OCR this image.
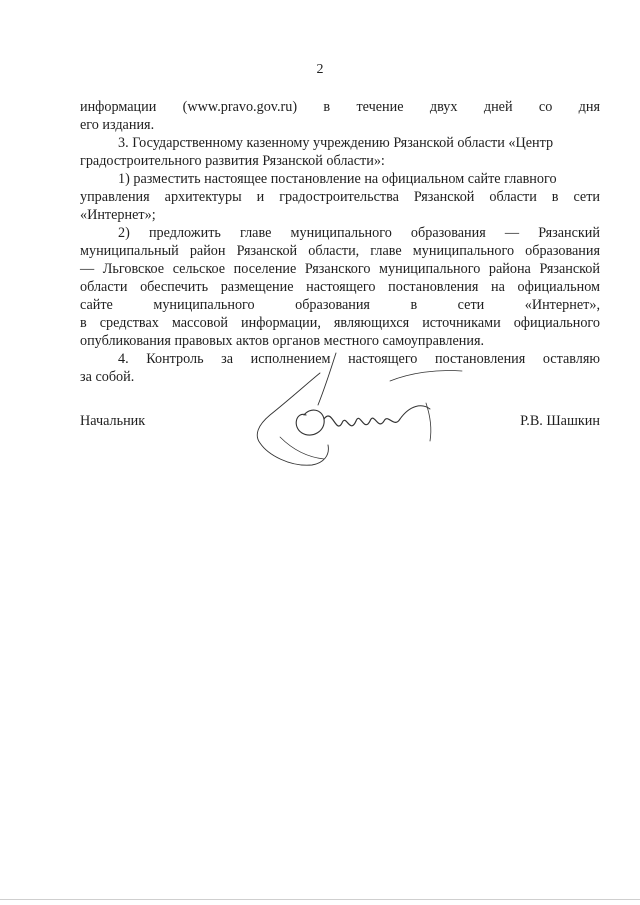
2
информации (www.pravo.gov.ru) в течение двух дней со дня
его издания.
3. Государственному казенному учреждению Рязанской области «Центр
градостроительного развития Рязанской области»:
1) разместить настоящее постановление на официальном сайте главного
управления архитектуры и градостроительства Рязанской области в сети
«Интернет»;
2) предложить главе муниципального образования — Рязанский
муниципальный район Рязанской области, главе муниципального образования
— Льговское сельское поселение Рязанского муниципального района Рязанской
области обеспечить размещение настоящего постановления на официальном
сайте муниципального образования в сети «Интернет»,
в средствах массовой информации, являющихся источниками официального
опубликования правовых актов органов местного самоуправления.
4. Контроль за исполнением настоящего постановления оставляю
за собой.
Начальник	Р.В. Шашкин
